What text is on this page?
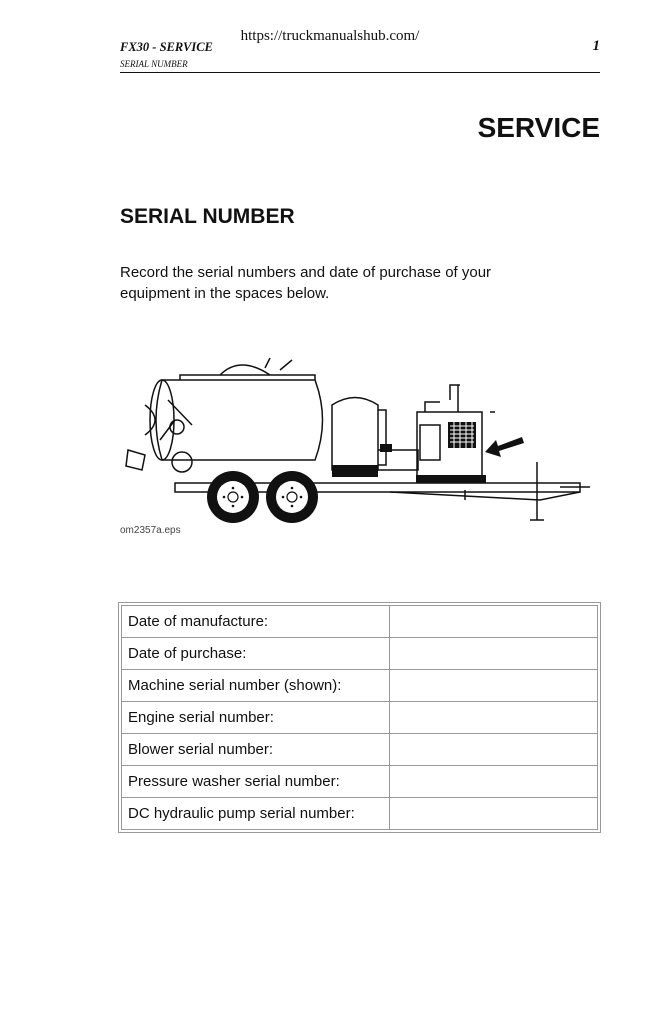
https://truckmanualshub.com/
FX30 - SERVICE	1
SERIAL NUMBER
SERVICE
SERIAL NUMBER
Record the serial numbers and date of purchase of your equipment in the spaces below.
om2357a.eps
Date of manufacture:	
Date of purchase:	
Machine serial number (shown):	
Engine serial number:	
Blower serial number:	
Pressure washer serial number:	
DC hydraulic pump serial number:	
